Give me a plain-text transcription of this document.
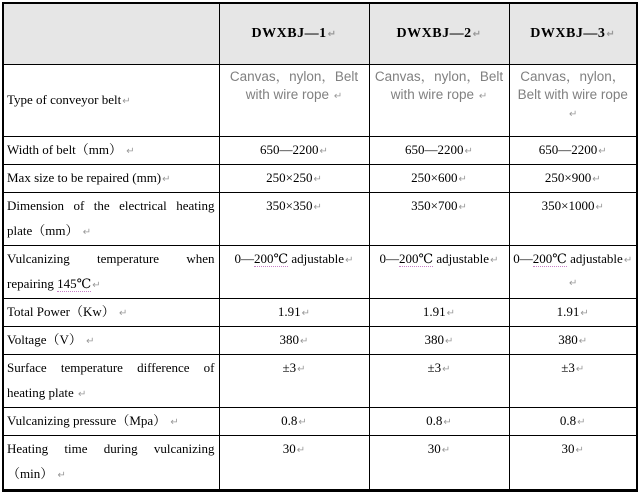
	DWXBJ—1↵	DWXBJ—2↵	DWXBJ—3↵
Type of conveyor belt↵	Canvas，nylon，Belt with wire rope ↵	Canvas，nylon，Belt with wire rope ↵	Canvas，nylon，Belt with wire rope ↵
Width of belt（mm） ↵	650—2200↵	650—2200↵	650—2200↵
Max size to be repaired (mm)↵	250×250↵	250×600↵	250×900↵
Dimension of the electrical heating plate（mm） ↵	350×350↵	350×700↵	350×1000↵
Vulcanizing temperature when repairing 145℃↵	0—200℃ adjustable↵	0—200℃ adjustable↵	0—200℃ adjustable↵
↵
Total Power（Kw） ↵	1.91↵	1.91↵	1.91↵
Voltage（V） ↵	380↵	380↵	380↵
Surface temperature difference of heating plate ↵	±3↵	±3↵	±3↵
Vulcanizing pressure（Mpa） ↵	0.8↵	0.8↵	0.8↵
Heating time during vulcanizing（min） ↵	30↵	30↵	30↵
